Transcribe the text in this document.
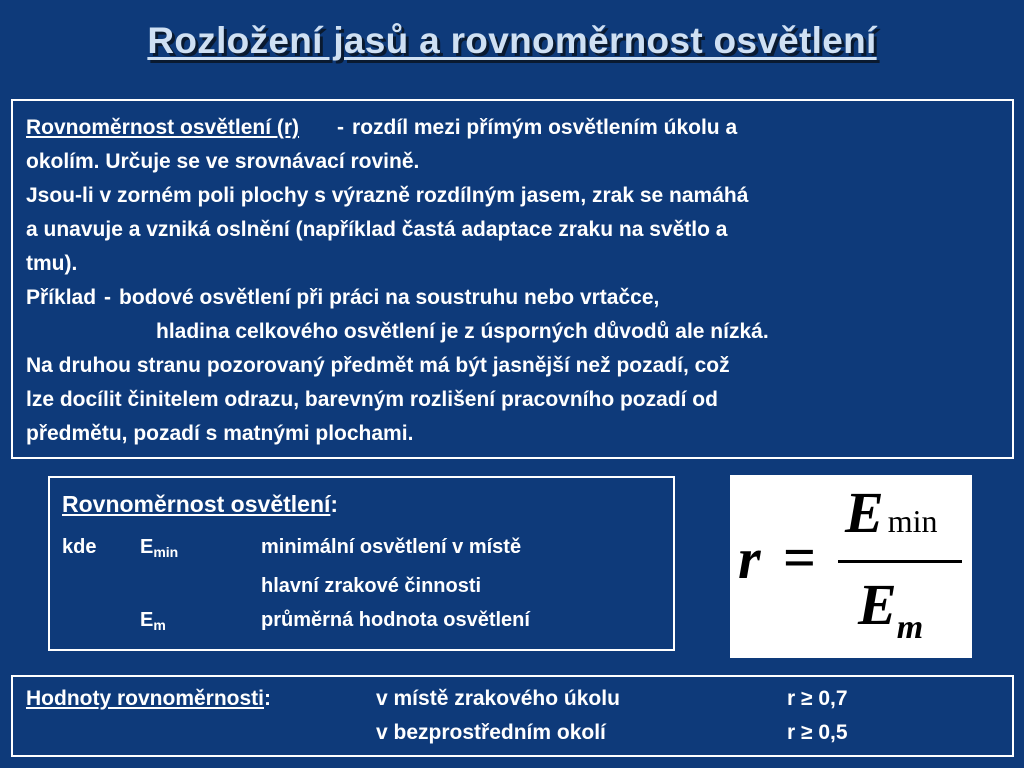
Rozložení jasů a rovnoměrnost osvětlení
Rovnoměrnost osvětlení (r) - rozdíl mezi přímým osvětlením úkolu a
okolím. Určuje se ve srovnávací rovině.
Jsou-li v zorném poli plochy s výrazně rozdílným jasem, zrak se namáhá
a unavuje a vzniká oslnění (například častá adaptace zraku na světlo a
tmu).
Příklad - bodové osvětlení při práci na soustruhu nebo vrtačce,
hladina celkového osvětlení je z úsporných důvodů ale nízká.
Na druhou stranu pozorovaný předmět má být jasnější než pozadí, což
lze docílit činitelem odrazu, barevným rozlišení pracovního pozadí od
předmětu, pozadí s matnými plochami.
Rovnoměrnost osvětlení:
kde $E_{min}$	minimální osvětlení v místě
hlavní zrakové činnosti
$E_m$	průměrná hodnota osvětlení
r =
Emin
Em
Hodnoty rovnoměrnosti:	v místě zrakového úkolu	r ≥ 0,7
v bezprostředním okolí	r ≥ 0,5
